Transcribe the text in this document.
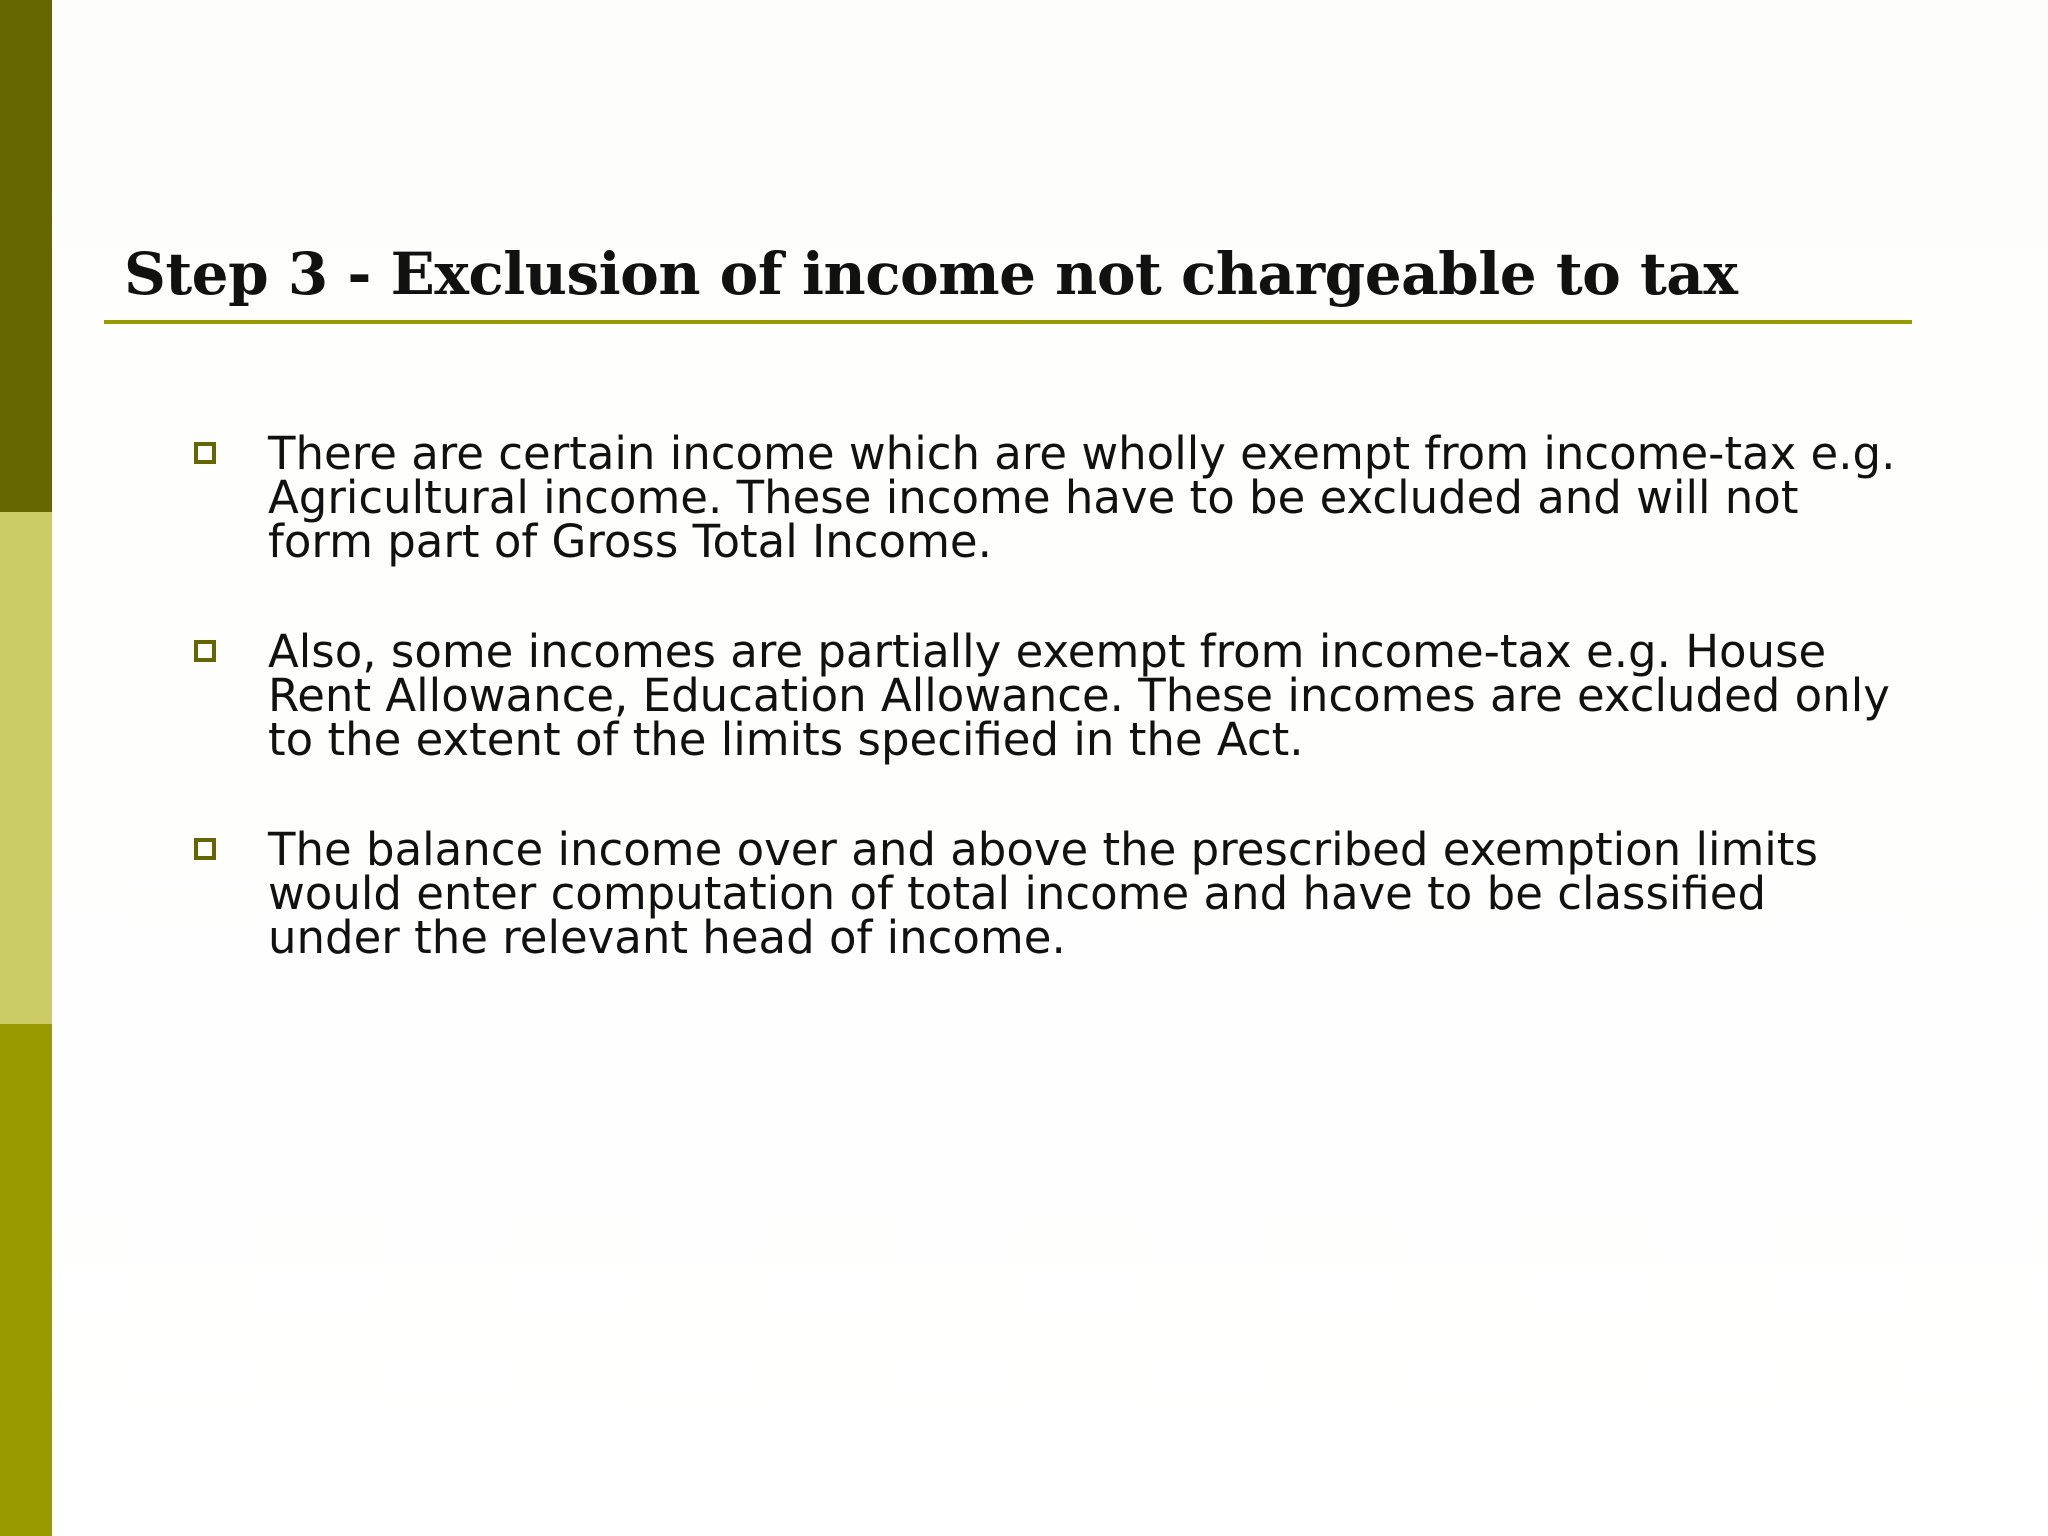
Step 3 - Exclusion of income not chargeable to tax
There are certain income which are wholly exempt from income-tax e.g. Agricultural income. These income have to be excluded and will not form part of Gross Total Income.
Also, some incomes are partially exempt from income-tax e.g. House Rent Allowance, Education Allowance. These incomes are excluded only to the extent of the limits specified in the Act.
The balance income over and above the prescribed exemption limits would enter computation of total income and have to be classified under the relevant head of income.
